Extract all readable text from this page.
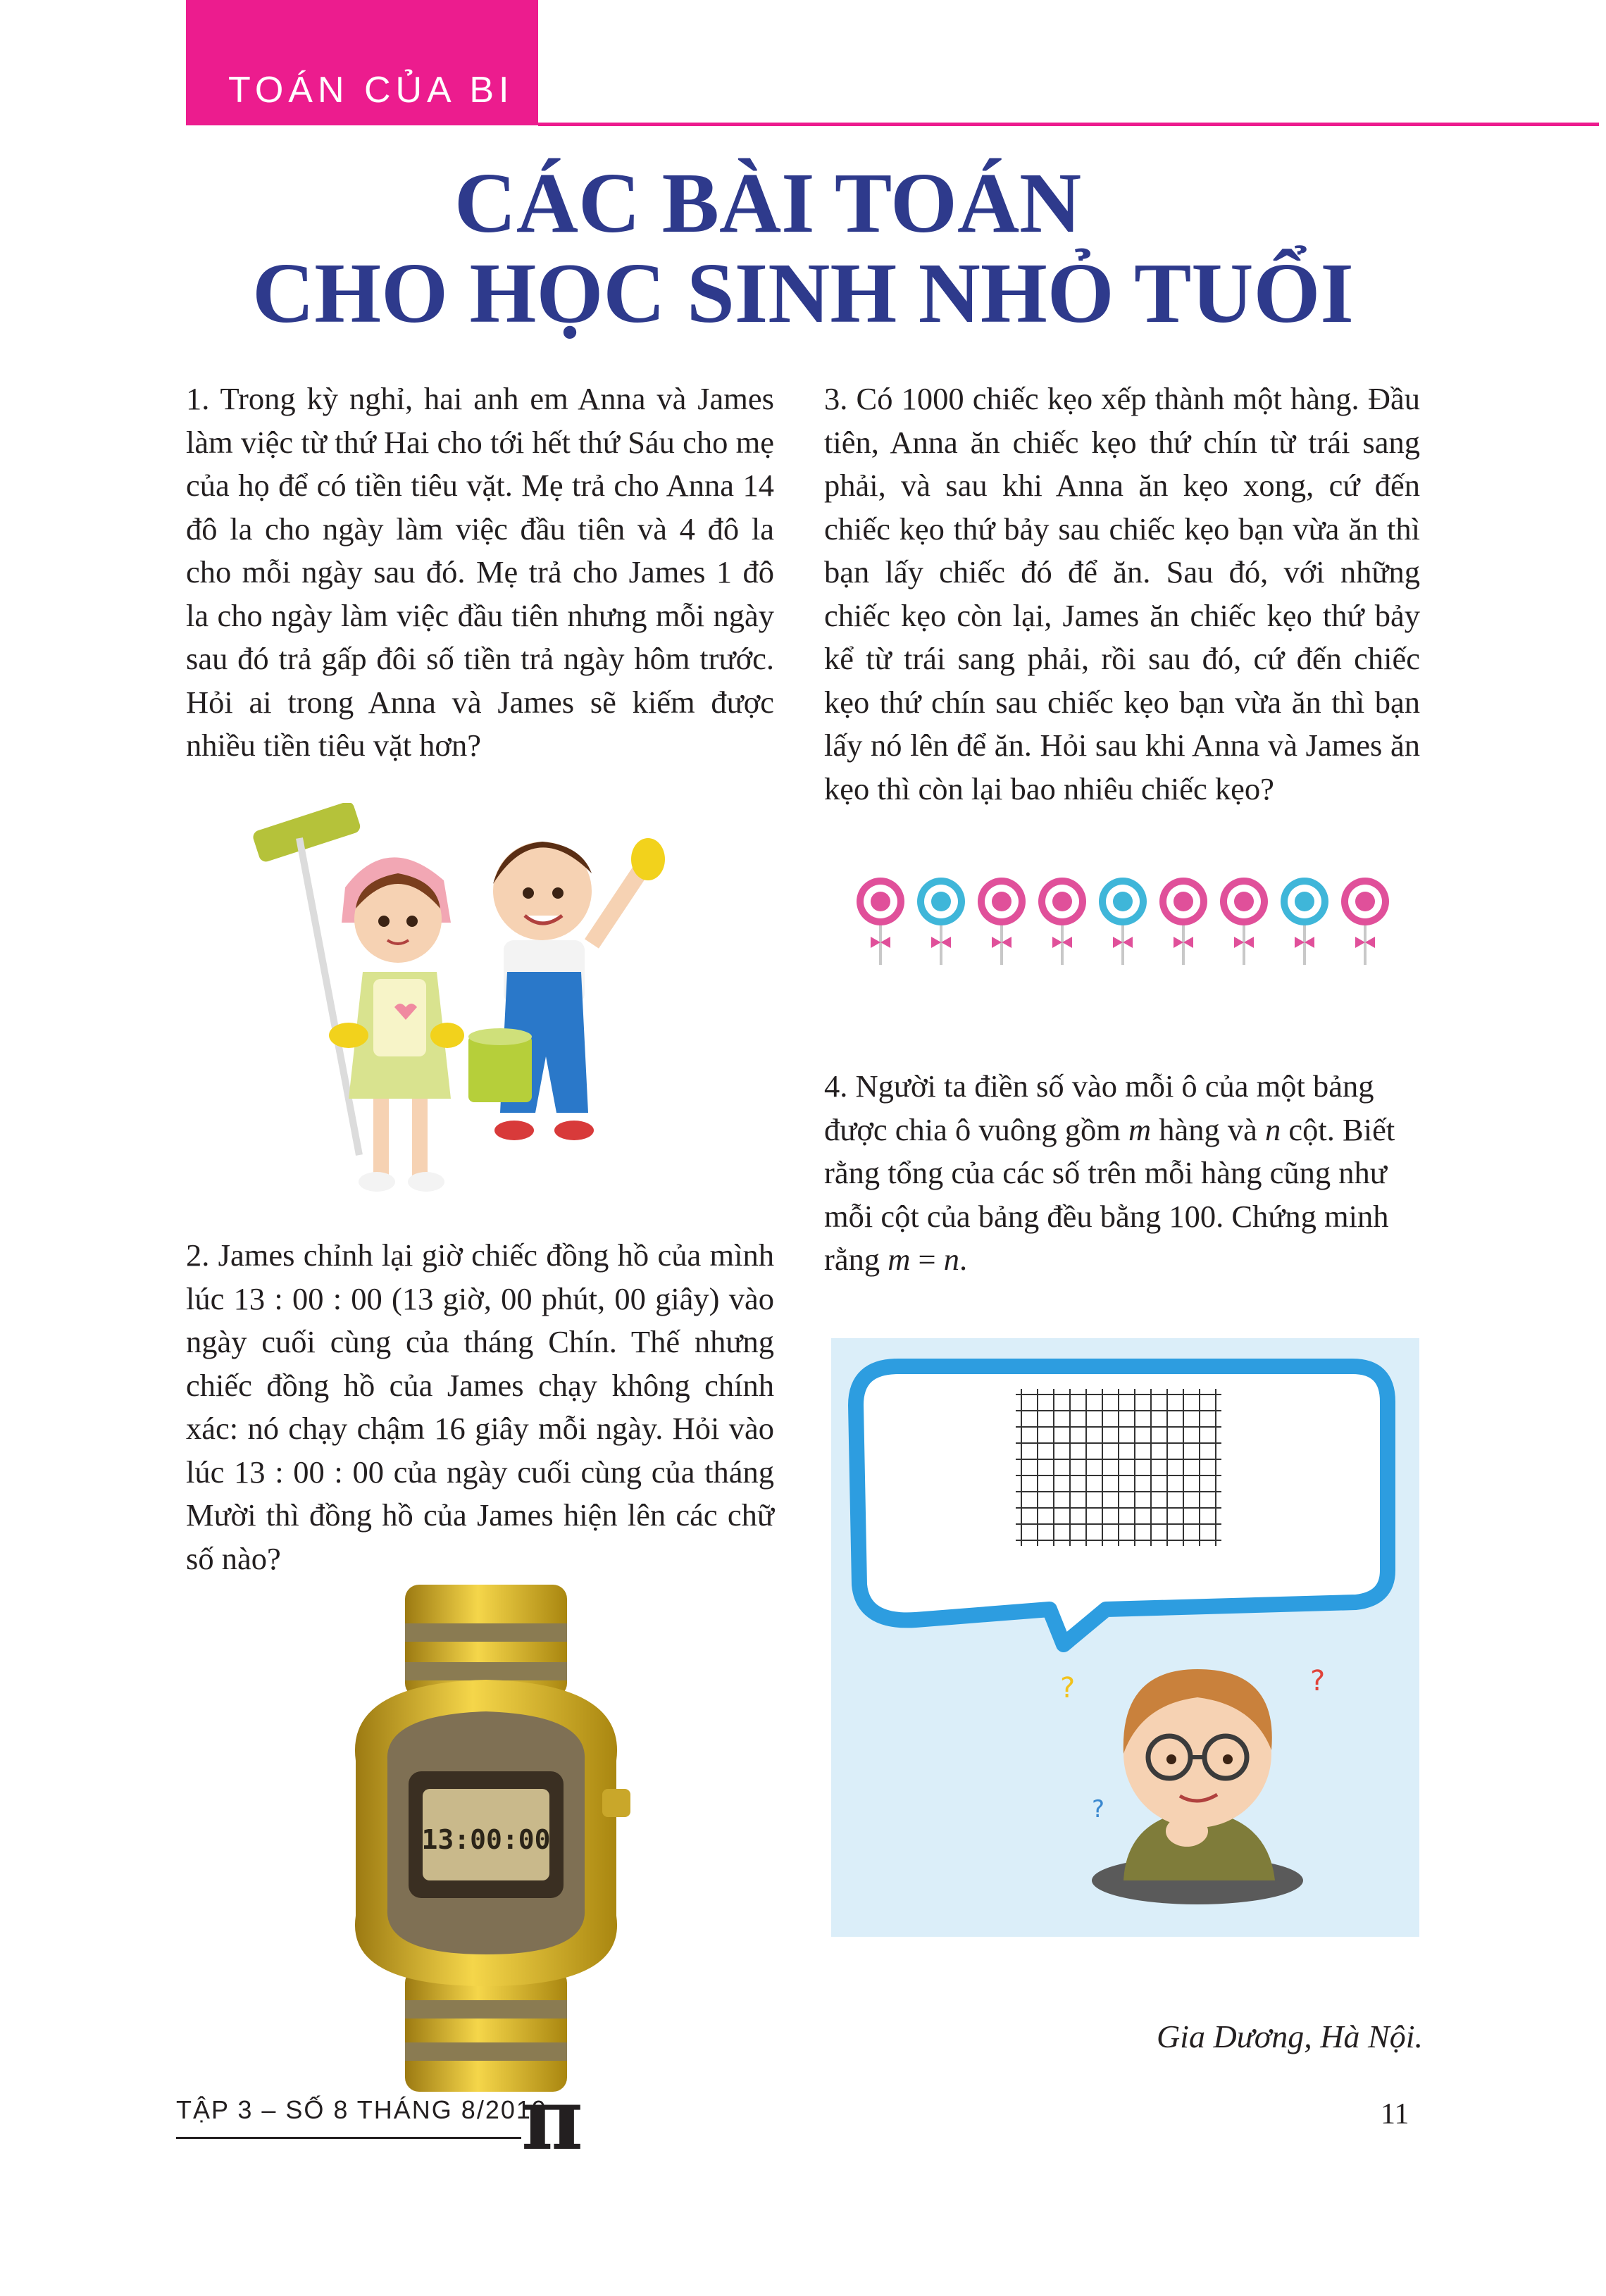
TOÁN CỦA BI
CÁC BÀI TOÁN
CHO HỌC SINH NHỎ TUỔI

1. Trong kỳ nghỉ, hai anh em Anna và James làm việc từ thứ Hai cho tới hết thứ Sáu cho mẹ của họ để có tiền tiêu vặt. Mẹ trả cho Anna 14 đô la cho ngày làm việc đầu tiên và 4 đô la cho mỗi ngày sau đó. Mẹ trả cho James 1 đô la cho ngày làm việc đầu tiên nhưng mỗi ngày sau đó trả gấp đôi số tiền trả ngày hôm trước. Hỏi ai trong Anna và James sẽ kiếm được nhiều tiền tiêu vặt hơn?

2. James chỉnh lại giờ chiếc đồng hồ của mình lúc 13 : 00 : 00 (13 giờ, 00 phút, 00 giây) vào ngày cuối cùng của tháng Chín. Thế nhưng chiếc đồng hồ của James chạy không chính xác: nó chạy chậm 16 giây mỗi ngày. Hỏi vào lúc 13 : 00 : 00 của ngày cuối cùng của tháng Mười thì đồng hồ của James hiện lên các chữ số nào?

13:00:00

3. Có 1000 chiếc kẹo xếp thành một hàng. Đầu tiên, Anna ăn chiếc kẹo thứ chín từ trái sang phải, và sau khi Anna ăn kẹo xong, cứ đến chiếc kẹo thứ bảy sau chiếc kẹo bạn vừa ăn thì bạn lấy chiếc đó để ăn. Sau đó, với những chiếc kẹo còn lại, James ăn chiếc kẹo thứ bảy kể từ trái sang phải, rồi sau đó, cứ đến chiếc kẹo thứ chín sau chiếc kẹo bạn vừa ăn thì bạn lấy nó lên để ăn. Hỏi sau khi Anna và James ăn kẹo thì còn lại bao nhiêu chiếc kẹo?

4. Người ta điền số vào mỗi ô của một bảng được chia ô vuông gồm m hàng và n cột. Biết rằng tổng của các số trên mỗi hàng cũng như mỗi cột của bảng đều bằng 100. Chứng minh rằng m = n.
?	?
?
Gia Dương, Hà Nội.
TẬP 3 – SỐ 8 THÁNG 8/2019
π	11
